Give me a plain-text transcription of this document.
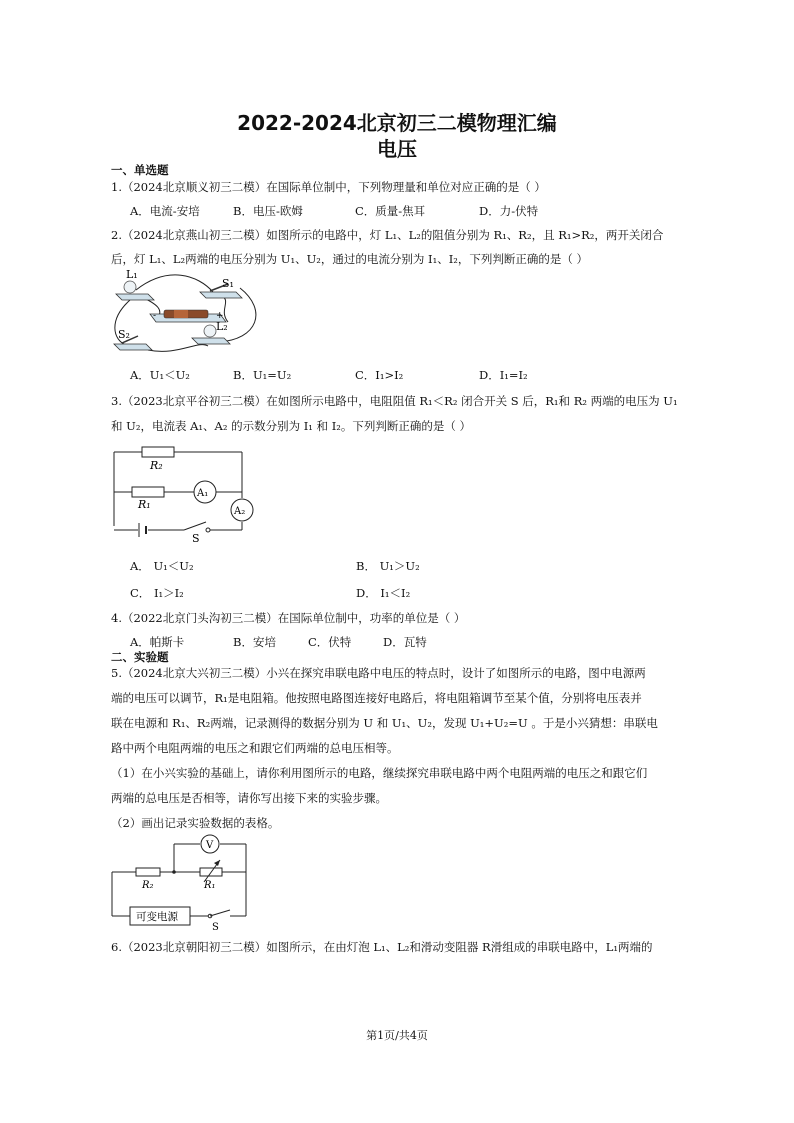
2022-2024北京初三二模物理汇编
电压
一、单选题
1.（2024北京顺义初三二模）在国际单位制中，下列物理量和单位对应正确的是（ ）
A．电流-安培	B．电压-欧姆	C．质量-焦耳	D．力-伏特
2.（2024北京燕山初三二模）如图所示的电路中，灯 L₁、L₂的阻值分别为 R₁、R₂，且 R₁>R₂，两开关闭合
后，灯 L₁、L₂两端的电压分别为 U₁、U₂，通过的电流分别为 I₁、I₂，下列判断正确的是（ ）
L₁
S₁
-	+
L₂
S₂
A．U₁＜U₂	B．U₁=U₂	C．I₁>I₂	D．I₁=I₂
3.（2023北京平谷初三二模）在如图所示电路中，电阻阻值 R₁＜R₂ 闭合开关 S 后，R₁和 R₂ 两端的电压为 U₁
和 U₂，电流表 A₁、A₂ 的示数分别为 I₁ 和 I₂。下列判断正确的是（ ）
R₂
R₁
A₁
A₂
S
A． U₁＜U₂	B． U₁＞U₂
C． I₁＞I₂	D． I₁＜I₂
4.（2022北京门头沟初三二模）在国际单位制中，功率的单位是（ ）
A．帕斯卡	B．安培	C．伏特	D．瓦特
二、实验题
5.（2024北京大兴初三二模）小兴在探究串联电路中电压的特点时，设计了如图所示的电路，图中电源两
端的电压可以调节，R₁是电阻箱。他按照电路图连接好电路后，将电阻箱调节至某个值，分别将电压表并
联在电源和 R₁、R₂两端，记录测得的数据分别为 U 和 U₁、U₂，发现 U₁+U₂=U 。于是小兴猜想：串联电
路中两个电阻两端的电压之和跟它们两端的总电压相等。
（1）在小兴实验的基础上，请你利用图所示的电路，继续探究串联电路中两个电阻两端的电压之和跟它们
两端的总电压是否相等，请你写出接下来的实验步骤。
（2）画出记录实验数据的表格。
V
R₂	R₁
可变电源
S
6.（2023北京朝阳初三二模）如图所示，在由灯泡 L₁、L₂和滑动变阻器 R滑组成的串联电路中，L₁两端的
第1页/共4页
